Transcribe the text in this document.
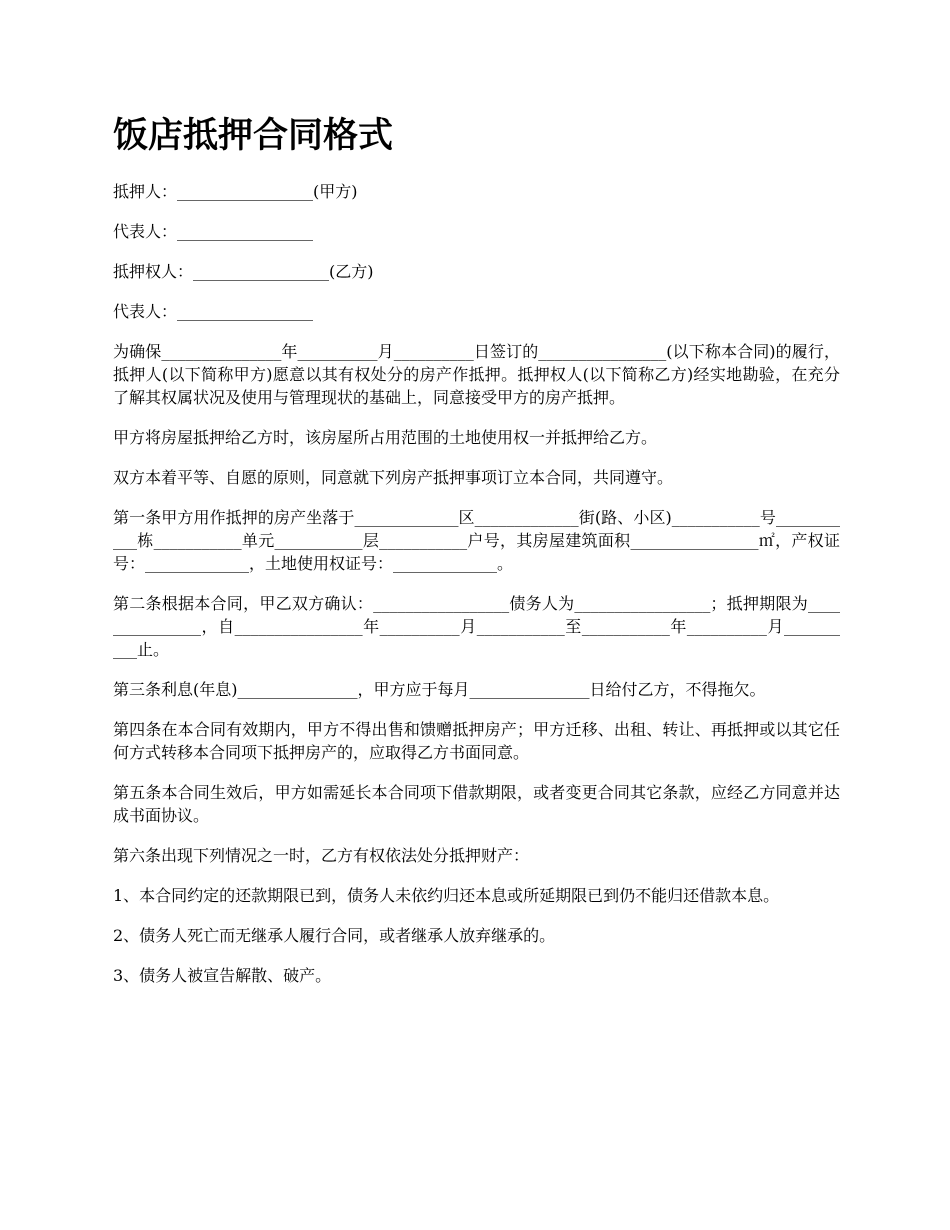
饭店抵押合同格式

抵押人：_________________(甲方)

代表人：_________________

抵押权人：_________________(乙方)

代表人：_________________

为确保_______________年__________月__________日签订的________________(以下称本合同)的履行，抵押人(以下简称甲方)愿意以其有权处分的房产作抵押。抵押权人(以下简称乙方)经实地勘验，在充分了解其权属状况及使用与管理现状的基础上，同意接受甲方的房产抵押。

甲方将房屋抵押给乙方时，该房屋所占用范围的土地使用权一并抵押给乙方。

双方本着平等、自愿的原则，同意就下列房产抵押事项订立本合同，共同遵守。

第一条甲方用作抵押的房产坐落于_____________区_____________街(路、小区)___________号___________栋___________单元___________层___________户号，其房屋建筑面积________________㎡，产权证号：_____________，土地使用权证号：_____________。

第二条根据本合同，甲乙双方确认：_________________债务人为_________________；抵押期限为_______________，自________________年__________月___________至___________年__________月__________止。

第三条利息(年息)_______________，甲方应于每月_______________日给付乙方，不得拖欠。

第四条在本合同有效期内，甲方不得出售和馈赠抵押房产；甲方迁移、出租、转让、再抵押或以其它任何方式转移本合同项下抵押房产的，应取得乙方书面同意。

第五条本合同生效后，甲方如需延长本合同项下借款期限，或者变更合同其它条款，应经乙方同意并达成书面协议。

第六条出现下列情况之一时，乙方有权依法处分抵押财产：

1、本合同约定的还款期限已到，债务人未依约归还本息或所延期限已到仍不能归还借款本息。

2、债务人死亡而无继承人履行合同，或者继承人放弃继承的。

3、债务人被宣告解散、破产。
